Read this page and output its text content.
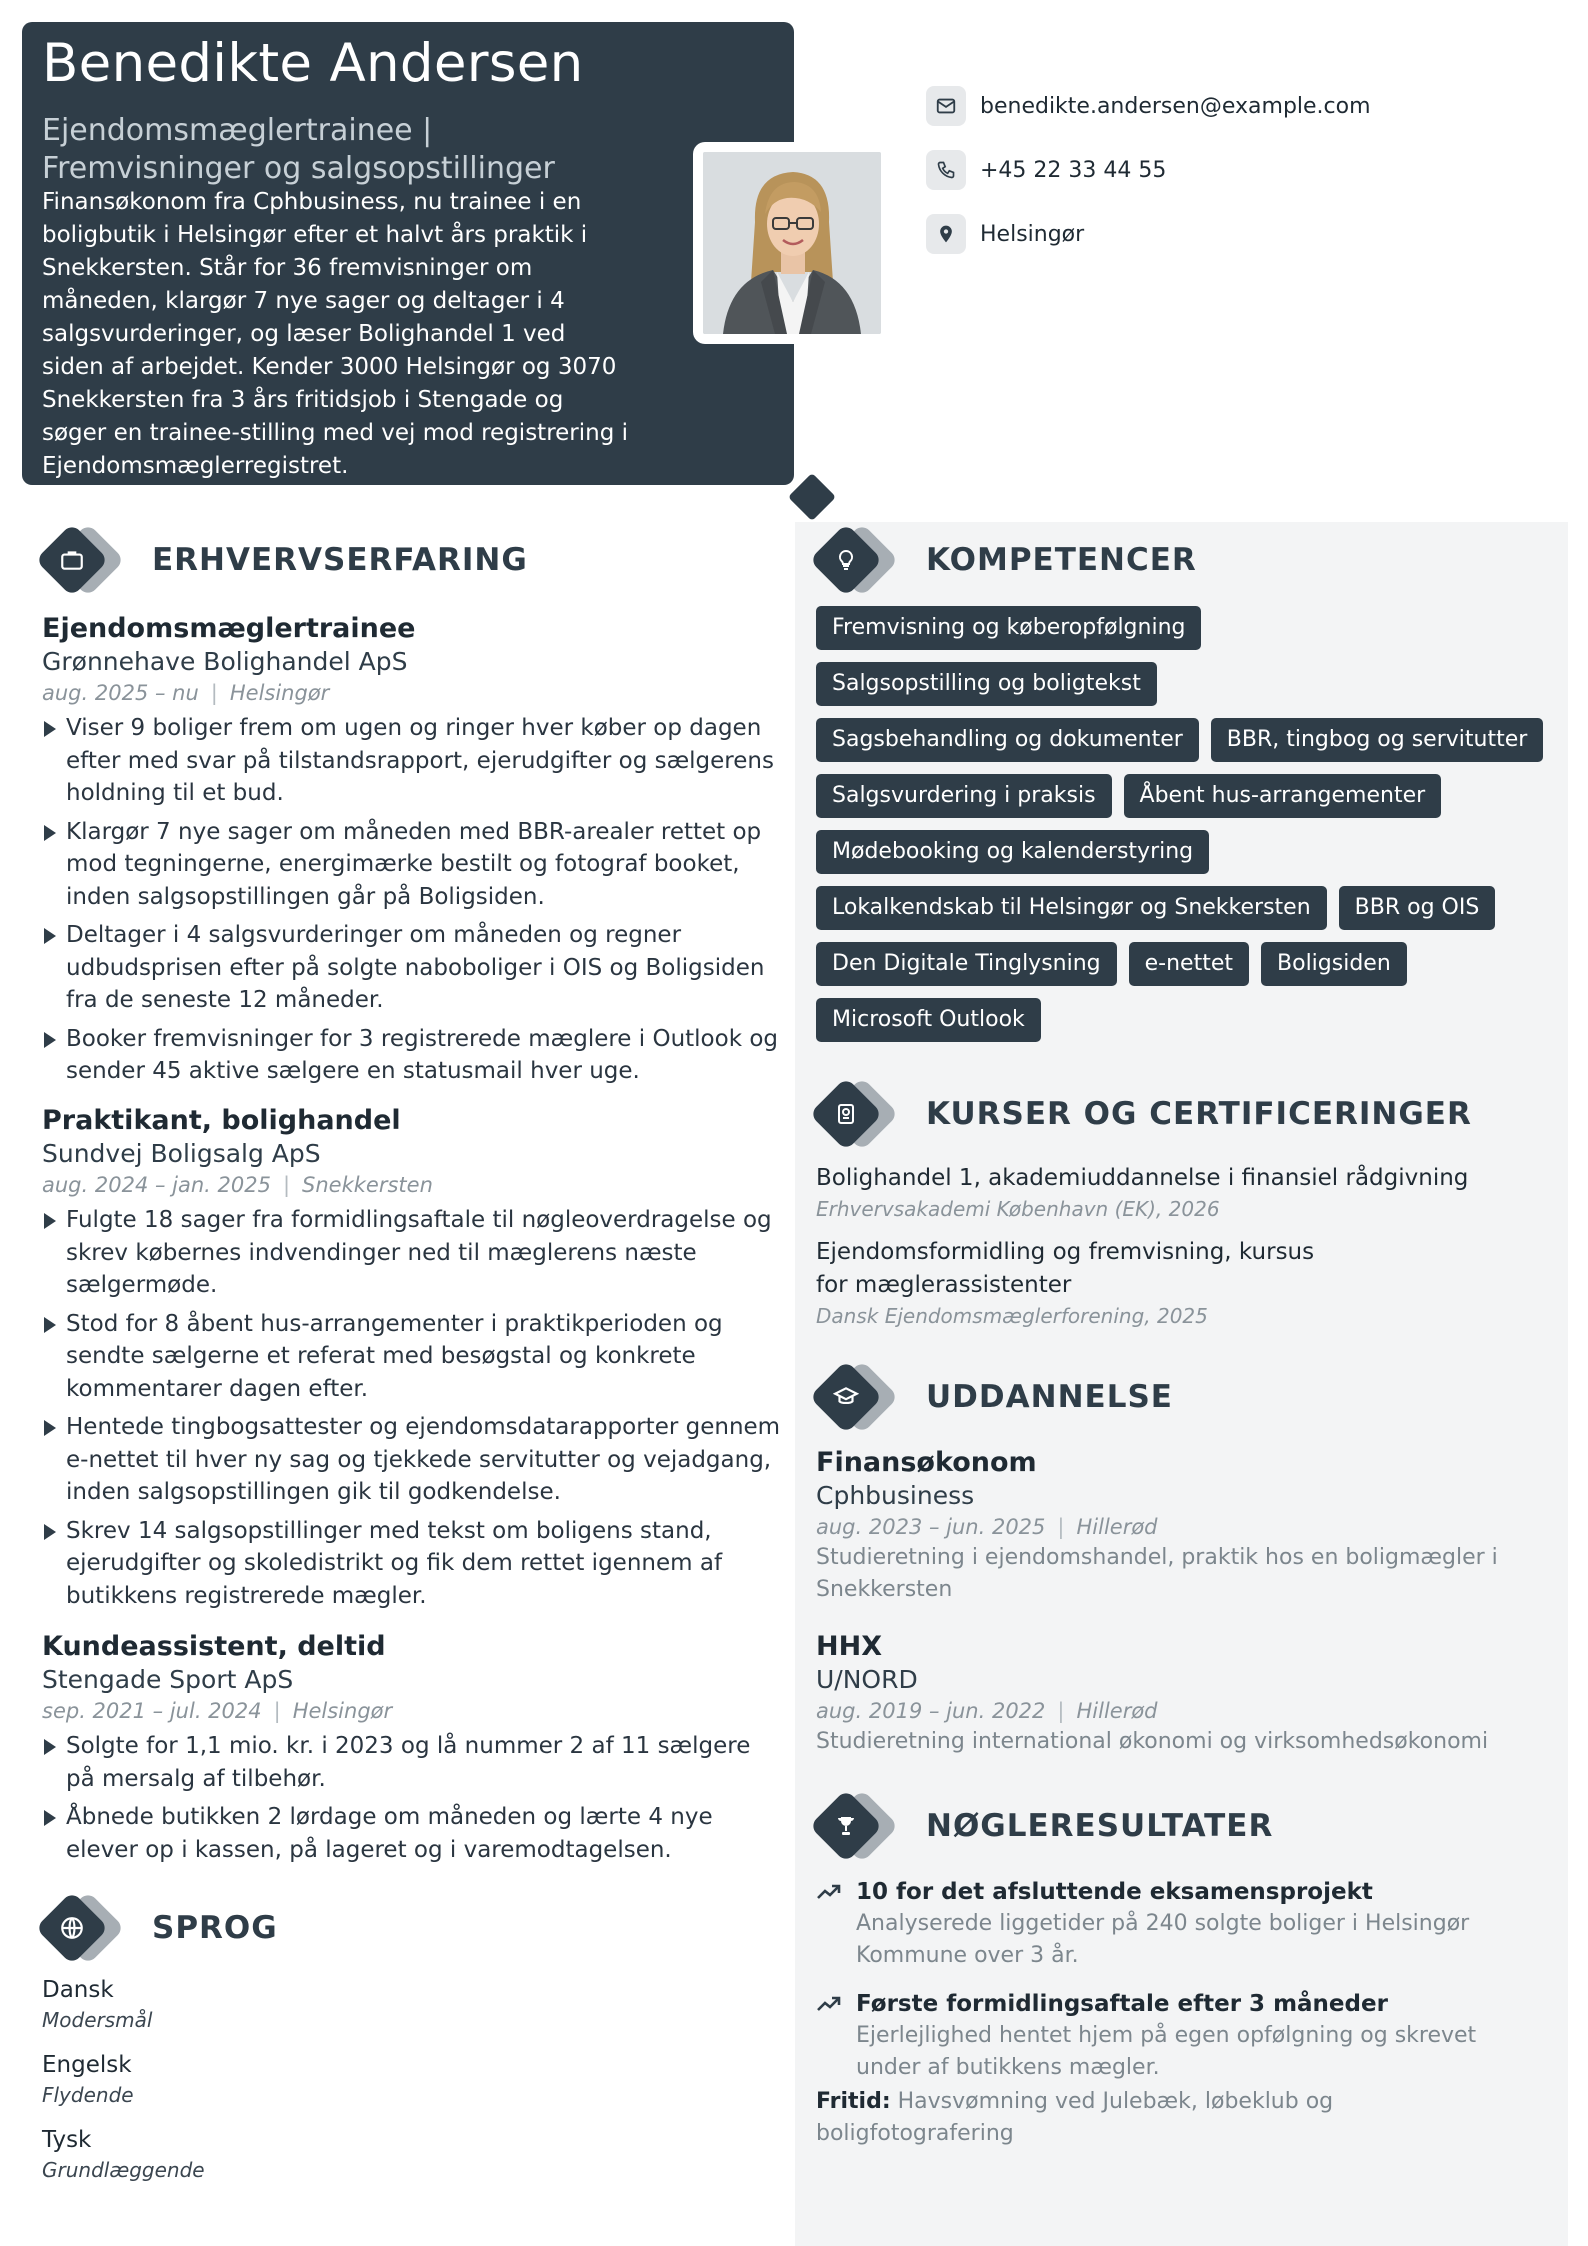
Benedikte Andersen
Ejendomsmæglertrainee |
Fremvisninger og salgsopstillinger
Finansøkonom fra Cphbusiness, nu trainee i en boligbutik i Helsingør efter et halvt års praktik i Snekkersten. Står for 36 fremvisninger om måneden, klargør 7 nye sager og deltager i 4 salgsvurderinger, og læser Bolighandel 1 ved siden af arbejdet. Kender 3000 Helsingør og 3070 Snekkersten fra 3 års fritidsjob i Stengade og søger en trainee-stilling med vej mod registrering i Ejendomsmæglerregistret.
benedikte.andersen@example.com
+45 22 33 44 55
Helsingør
ERHVERVSERFARING
Ejendomsmæglertrainee
Grønnehave Bolighandel ApS
aug. 2025 – nu | Helsingør
Viser 9 boliger frem om ugen og ringer hver køber op dagen efter med svar på tilstandsrapport, ejerudgifter og sælgerens holdning til et bud.
Klargør 7 nye sager om måneden med BBR-arealer rettet op mod tegningerne, energimærke bestilt og fotograf booket, inden salgsopstillingen går på Boligsiden.
Deltager i 4 salgsvurderinger om måneden og regner udbudsprisen efter på solgte naboboliger i OIS og Boligsiden fra de seneste 12 måneder.
Booker fremvisninger for 3 registrerede mæglere i Outlook og sender 45 aktive sælgere en statusmail hver uge.
Praktikant, bolighandel
Sundvej Boligsalg ApS
aug. 2024 – jan. 2025 | Snekkersten
Fulgte 18 sager fra formidlingsaftale til nøgleoverdragelse og skrev købernes indvendinger ned til mæglerens næste sælgermøde.
Stod for 8 åbent hus-arrangementer i praktikperioden og sendte sælgerne et referat med besøgstal og konkrete kommentarer dagen efter.
Hentede tingbogsattester og ejendomsdatarapporter gennem e-nettet til hver ny sag og tjekkede servitutter og vejadgang, inden salgsopstillingen gik til godkendelse.
Skrev 14 salgsopstillinger med tekst om boligens stand, ejerudgifter og skoledistrikt og fik dem rettet igennem af butikkens registrerede mægler.
Kundeassistent, deltid
Stengade Sport ApS
sep. 2021 – jul. 2024 | Helsingør
Solgte for 1,1 mio. kr. i 2023 og lå nummer 2 af 11 sælgere på mersalg af tilbehør.
Åbnede butikken 2 lørdage om måneden og lærte 4 nye elever op i kassen, på lageret og i varemodtagelsen.
SPROG
Dansk
Modersmål
Engelsk
Flydende
Tysk
Grundlæggende
KOMPETENCER
Fremvisning og køberopfølgning
Salgsopstilling og boligtekst
Sagsbehandling og dokumenter	BBR, tingbog og servitutter
Salgsvurdering i praksis	Åbent hus-arrangementer
Mødebooking og kalenderstyring
Lokalkendskab til Helsingør og Snekkersten	BBR og OIS
Den Digitale Tinglysning	e-nettet	Boligsiden
Microsoft Outlook
KURSER OG CERTIFICERINGER
Bolighandel 1, akademiuddannelse i finansiel rådgivning
Erhvervsakademi København (EK), 2026
Ejendomsformidling og fremvisning, kursus
for mæglerassistenter
Dansk Ejendomsmæglerforening, 2025
UDDANNELSE
Finansøkonom
Cphbusiness
aug. 2023 – jun. 2025 | Hillerød
Studieretning i ejendomshandel, praktik hos en boligmægler i Snekkersten
HHX
U/NORD
aug. 2019 – jun. 2022 | Hillerød
Studieretning international økonomi og virksomhedsøkonomi
NØGLERESULTATER
10 for det afsluttende eksamensprojekt
Analyserede liggetider på 240 solgte boliger i Helsingør Kommune over 3 år.
Første formidlingsaftale efter 3 måneder
Ejerlejlighed hentet hjem på egen opfølgning og skrevet under af butikkens mægler.
Fritid: Havsvømning ved Julebæk, løbeklub og boligfotografering
